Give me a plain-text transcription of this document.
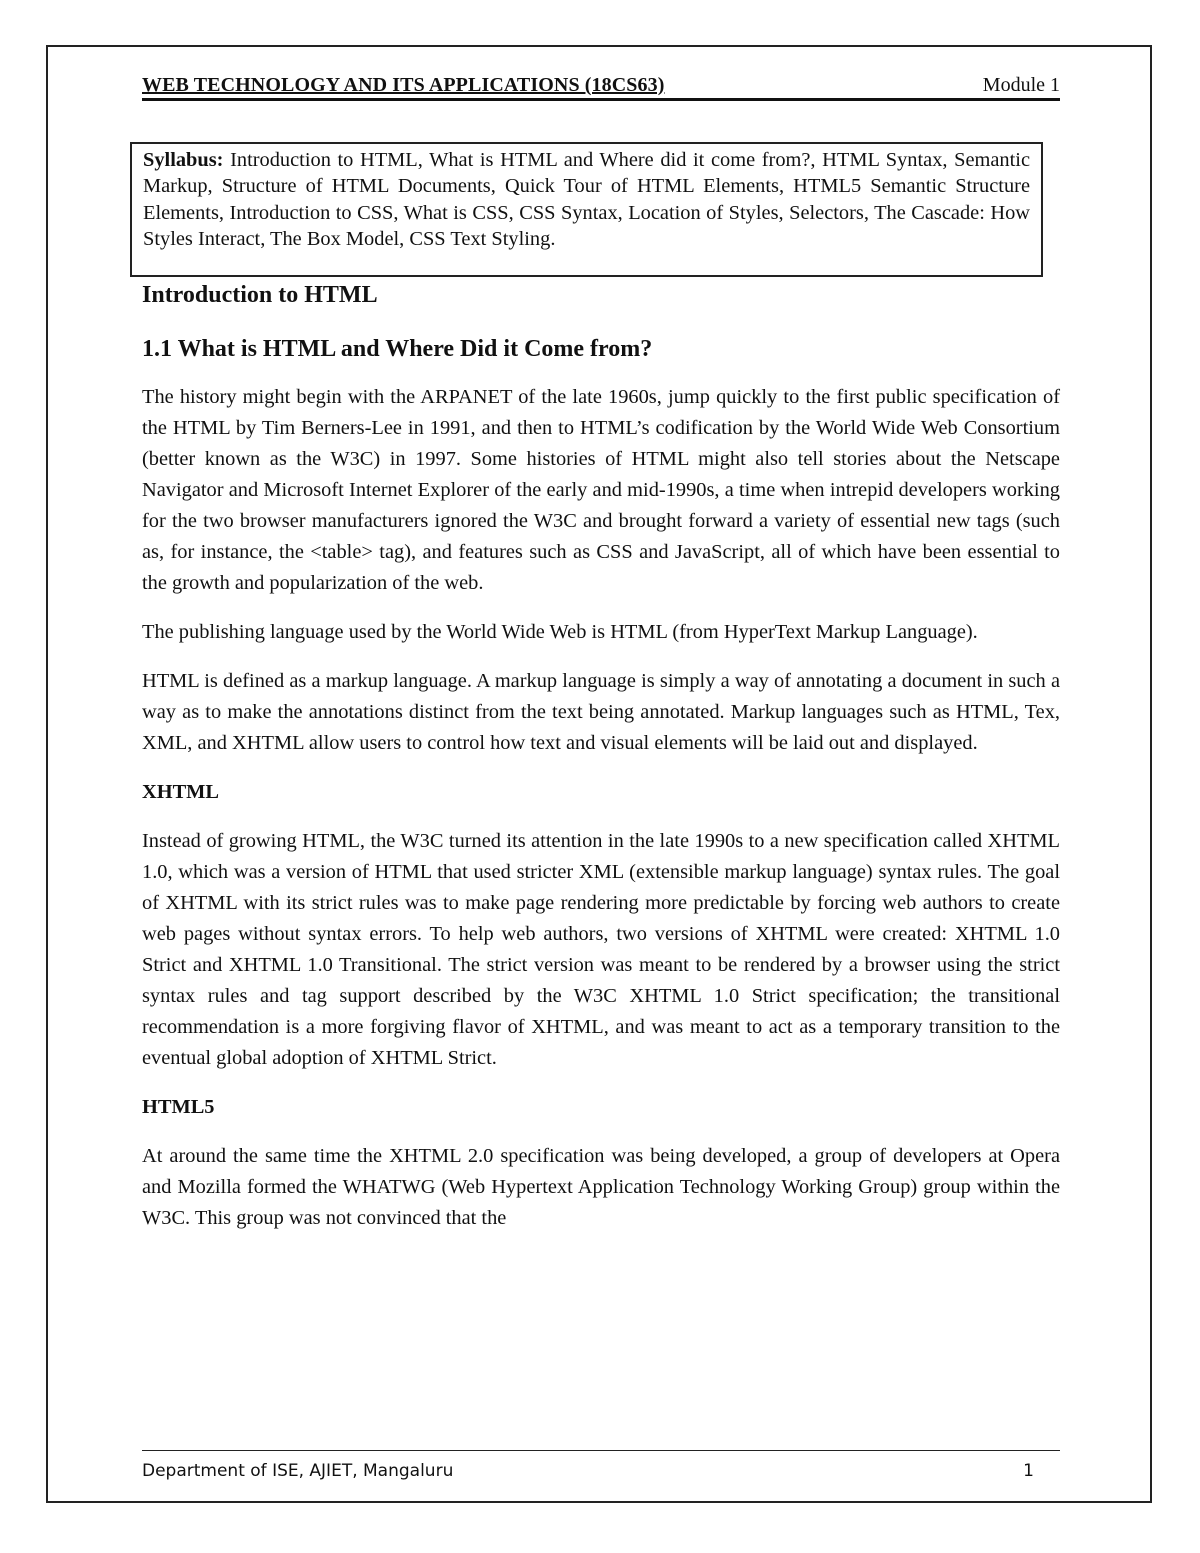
WEB TECHNOLOGY AND ITS APPLICATIONS (18CS63)	Module 1
Syllabus: Introduction to HTML, What is HTML and Where did it come from?, HTML Syntax, Semantic Markup, Structure of HTML Documents, Quick Tour of HTML Elements, HTML5 Semantic Structure Elements, Introduction to CSS, What is CSS, CSS Syntax, Location of Styles, Selectors, The Cascade: How Styles Interact, The Box Model, CSS Text Styling.
Introduction to HTML
1.1 What is HTML and Where Did it Come from?

The history might begin with the ARPANET of the late 1960s, jump quickly to the first public specification of the HTML by Tim Berners-Lee in 1991, and then to HTML’s codification by the World Wide Web Consortium (better known as the W3C) in 1997. Some histories of HTML might also tell stories about the Netscape Navigator and Microsoft Internet Explorer of the early and mid-1990s, a time when intrepid developers working for the two browser manufacturers ignored the W3C and brought forward a variety of essential new tags (such as, for instance, the <table> tag), and features such as CSS and JavaScript, all of which have been essential to the growth and popularization of the web.

The publishing language used by the World Wide Web is HTML (from HyperText Markup Language).

HTML is defined as a markup language. A markup language is simply a way of annotating a document in such a way as to make the annotations distinct from the text being annotated. Markup languages such as HTML, Tex, XML, and XHTML allow users to control how text and visual elements will be laid out and displayed.

XHTML

Instead of growing HTML, the W3C turned its attention in the late 1990s to a new specification called XHTML 1.0, which was a version of HTML that used stricter XML (extensible markup language) syntax rules. The goal of XHTML with its strict rules was to make page rendering more predictable by forcing web authors to create web pages without syntax errors. To help web authors, two versions of XHTML were created: XHTML 1.0 Strict and XHTML 1.0 Transitional. The strict version was meant to be rendered by a browser using the strict syntax rules and tag support described by the W3C XHTML 1.0 Strict specification; the transitional recommendation is a more forgiving flavor of XHTML, and was meant to act as a temporary transition to the eventual global adoption of XHTML Strict.

HTML5

At around the same time the XHTML 2.0 specification was being developed, a group of developers at Opera and Mozilla formed the WHATWG (Web Hypertext Application Technology Working Group) group within the W3C. This group was not convinced that the

Department of ISE, AJIET, Mangaluru	1
